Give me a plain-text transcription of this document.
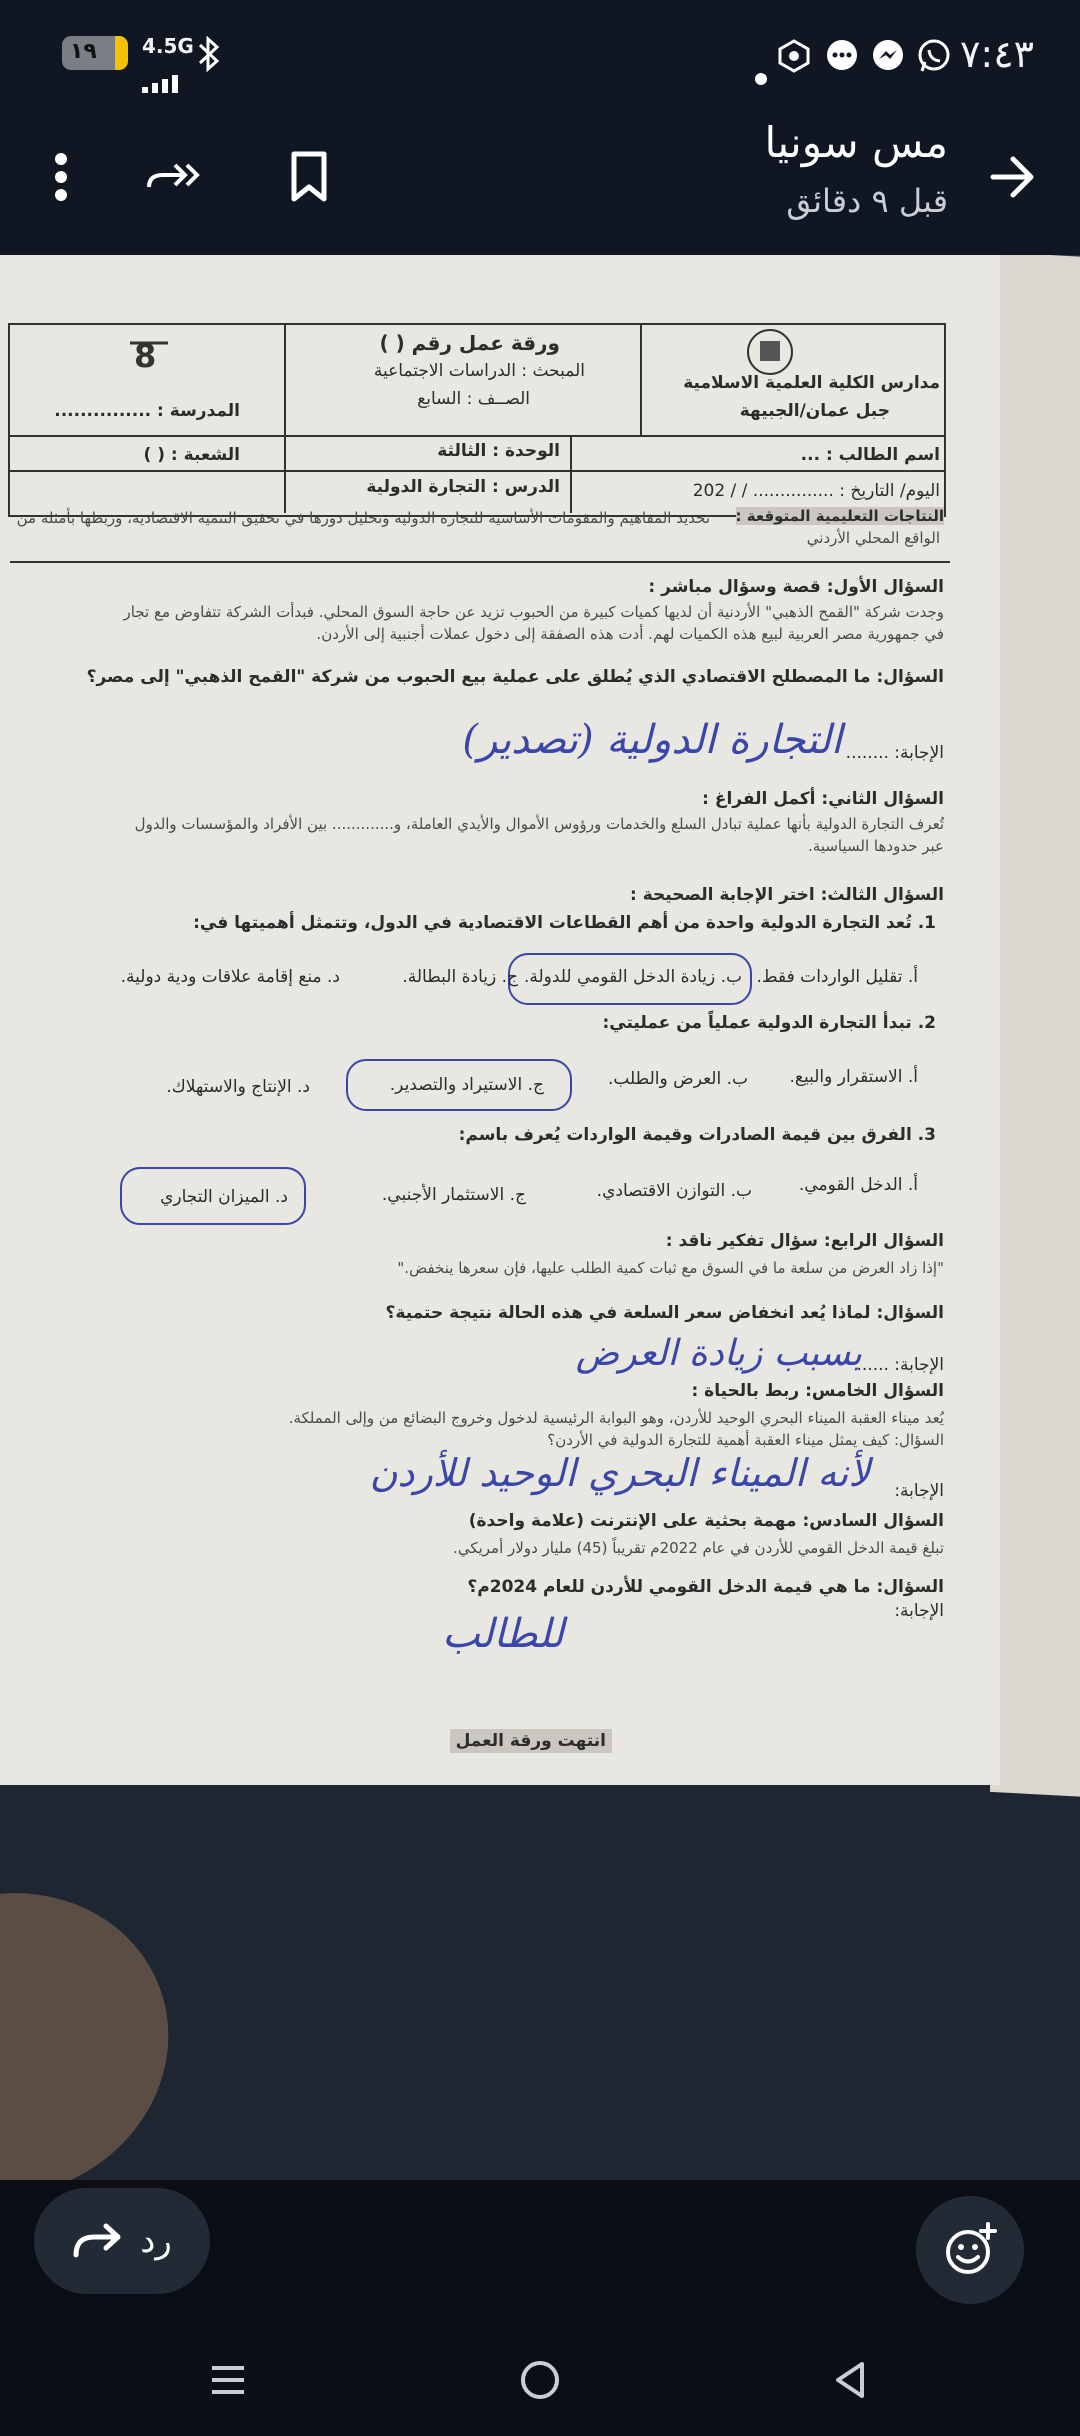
١٩ 4.5G	٧:٤٣
مس سونيا
قبل ٩ دقائق
8
مدارس الكلية العلمية الاسلامية
جبل عمان/الجبيهة
ورقة عمل رقم ( )
المبحث : الدراسات الاجتماعية
الصــف : السابع
المدرسة : ...............
اسم الطالب : ...
الوحدة : الثالثة
الشعبة : ( )
اليوم/ التاريخ : ............... / / 202
الدرس : التجارة الدولية
النتاجات التعليمية المتوقعة :
تحديد المفاهيم والمقومات الأساسية للتجارة الدولية وتحليل دورها في تحقيق التنمية الاقتصادية، وربطها بأمثلة من
الواقع المحلي الأردني
السؤال الأول: قصة وسؤال مباشر :
وجدت شركة "القمح الذهبي" الأردنية أن لديها كميات كبيرة من الحبوب تزيد عن حاجة السوق المحلي. فبدأت الشركة تتفاوض مع تجار
في جمهورية مصر العربية لبيع هذه الكميات لهم. أدت هذه الصفقة إلى دخول عملات أجنبية إلى الأردن.
السؤال: ما المصطلح الاقتصادي الذي يُطلق على عملية بيع الحبوب من شركة "القمح الذهبي" إلى مصر؟
الإجابة: ........
التجارة الدولية (تصدير)
السؤال الثاني: أكمل الفراغ :
تُعرف التجارة الدولية بأنها عملية تبادل السلع والخدمات ورؤوس الأموال والأيدي العاملة، و............. بين الأفراد والمؤسسات والدول
عبر حدودها السياسية.
السؤال الثالث: اختر الإجابة الصحيحة :
1. تُعد التجارة الدولية واحدة من أهم القطاعات الاقتصادية في الدول، وتتمثل أهميتها في:
أ. تقليل الواردات فقط.
ب. زيادة الدخل القومي للدولة.
ج. زيادة البطالة.
د. منع إقامة علاقات ودية دولية.
2. تبدأ التجارة الدولية عملياً من عمليتي:
أ. الاستقرار والبيع.
ب. العرض والطلب.
ج. الاستيراد والتصدير.
د. الإنتاج والاستهلاك.
3. الفرق بين قيمة الصادرات وقيمة الواردات يُعرف باسم:
أ. الدخل القومي.
ب. التوازن الاقتصادي.
ج. الاستثمار الأجنبي.
د. الميزان التجاري
السؤال الرابع: سؤال تفكير ناقد :
"إذا زاد العرض من سلعة ما في السوق مع ثبات كمية الطلب عليها، فإن سعرها ينخفض."
السؤال: لماذا يُعد انخفاض سعر السلعة في هذه الحالة نتيجة حتمية؟
الإجابة: ......
بسبب زيادة العرض
السؤال الخامس: ربط بالحياة :
يُعد ميناء العقبة الميناء البحري الوحيد للأردن، وهو البوابة الرئيسية لدخول وخروج البضائع من وإلى المملكة.
السؤال: كيف يمثل ميناء العقبة أهمية للتجارة الدولية في الأردن؟
الإجابة:
لأنه الميناء البحري الوحيد للأردن
السؤال السادس: مهمة بحثية على الإنترنت (علامة واحدة)
تبلغ قيمة الدخل القومي للأردن في عام 2022م تقريباً (45) مليار دولار أمريكي.
السؤال: ما هي قيمة الدخل القومي للأردن للعام 2024م؟
الإجابة:
للطالب
انتهت ورقة العمل
رد
